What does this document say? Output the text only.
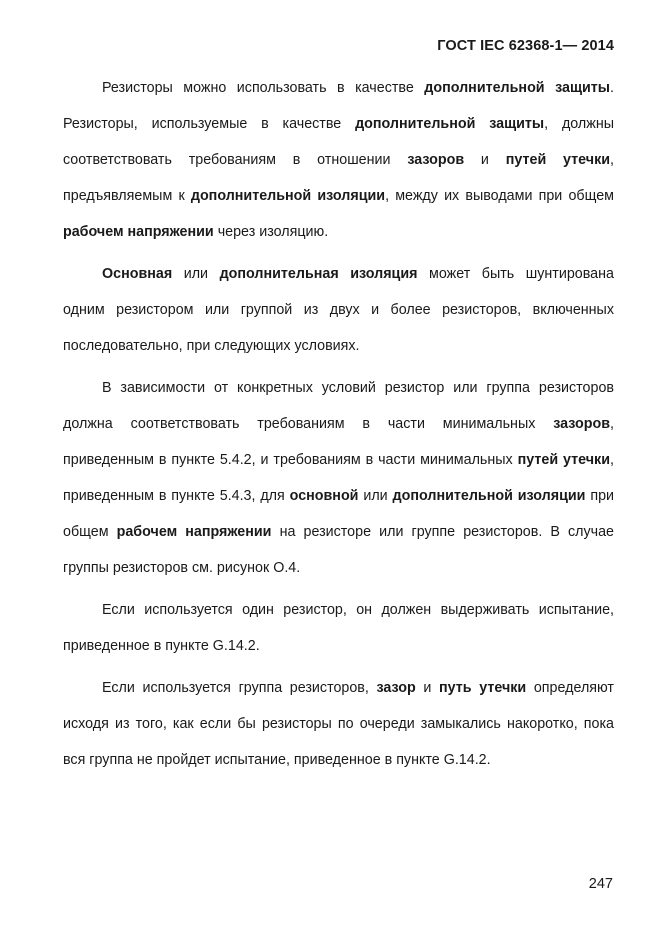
ГОСТ IEC 62368-1— 2014

Резисторы можно использовать в качестве дополнительной защиты. Резисторы, используемые в качестве дополнительной защиты, должны соответствовать требованиям в отношении зазоров и путей утечки, предъявляемым к дополнительной изоляции, между их выводами при общем рабочем напряжении через изоляцию.

Основная или дополнительная изоляция может быть шунтирована одним резистором или группой из двух и более резисторов, включенных последовательно, при следующих условиях.

В зависимости от конкретных условий резистор или группа резисторов должна соответствовать требованиям в части минимальных зазоров, приведенным в пункте 5.4.2, и требованиям в части минимальных путей утечки, приведенным в пункте 5.4.3, для основной или дополнительной изоляции при общем рабочем напряжении на резисторе или группе резисторов. В случае группы резисторов см. рисунок О.4.

Если используется один резистор, он должен выдерживать испытание, приведенное в пункте G.14.2.

Если используется группа резисторов, зазор и путь утечки определяют исходя из того, как если бы резисторы по очереди замыкались накоротко, пока вся группа не пройдет испытание, приведенное в пункте G.14.2.

247
